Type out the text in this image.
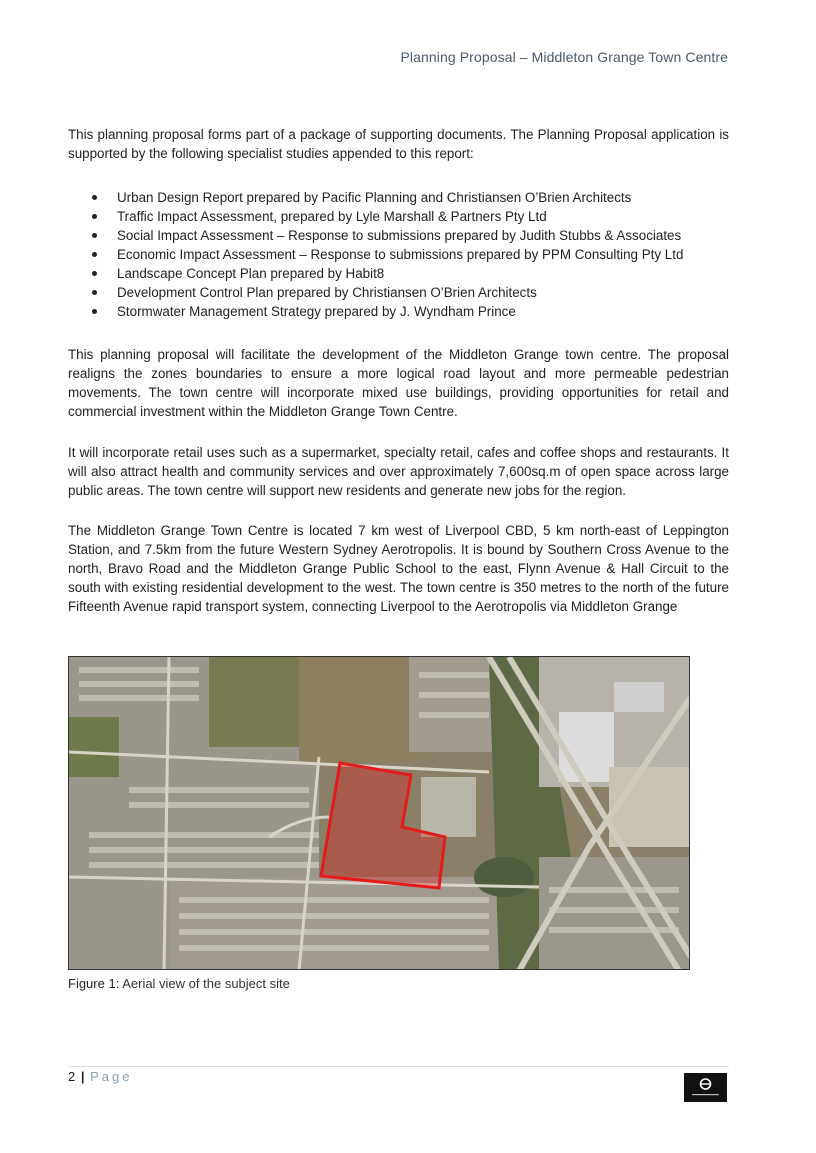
Planning Proposal – Middleton Grange Town Centre

This planning proposal forms part of a package of supporting documents. The Planning Proposal application is supported by the following specialist studies appended to this report:

Urban Design Report prepared by Pacific Planning and Christiansen O’Brien Architects
Traffic Impact Assessment, prepared by Lyle Marshall & Partners Pty Ltd
Social Impact Assessment – Response to submissions prepared by Judith Stubbs & Associates
Economic Impact Assessment – Response to submissions prepared by PPM Consulting Pty Ltd
Landscape Concept Plan prepared by Habit8
Development Control Plan prepared by Christiansen O’Brien Architects
Stormwater Management Strategy prepared by J. Wyndham Prince

This planning proposal will facilitate the development of the Middleton Grange town centre. The proposal realigns the zones boundaries to ensure a more logical road layout and more permeable pedestrian movements. The town centre will incorporate mixed use buildings, providing opportunities for retail and commercial investment within the Middleton Grange Town Centre.

It will incorporate retail uses such as a supermarket, specialty retail, cafes and coffee shops and restaurants. It will also attract health and community services and over approximately 7,600sq.m of open space across large public areas. The town centre will support new residents and generate new jobs for the region.

The Middleton Grange Town Centre is located 7 km west of Liverpool CBD, 5 km north-east of Leppington Station, and 7.5km from the future Western Sydney Aerotropolis. It is bound by Southern Cross Avenue to the north, Bravo Road and the Middleton Grange Public School to the east, Flynn Avenue & Hall Circuit to the south with existing residential development to the west. The town centre is 350 metres to the north of the future Fifteenth Avenue rapid transport system, connecting Liverpool to the Aerotropolis via Middleton Grange

Figure 1: Aerial view of the subject site
2 | Page
